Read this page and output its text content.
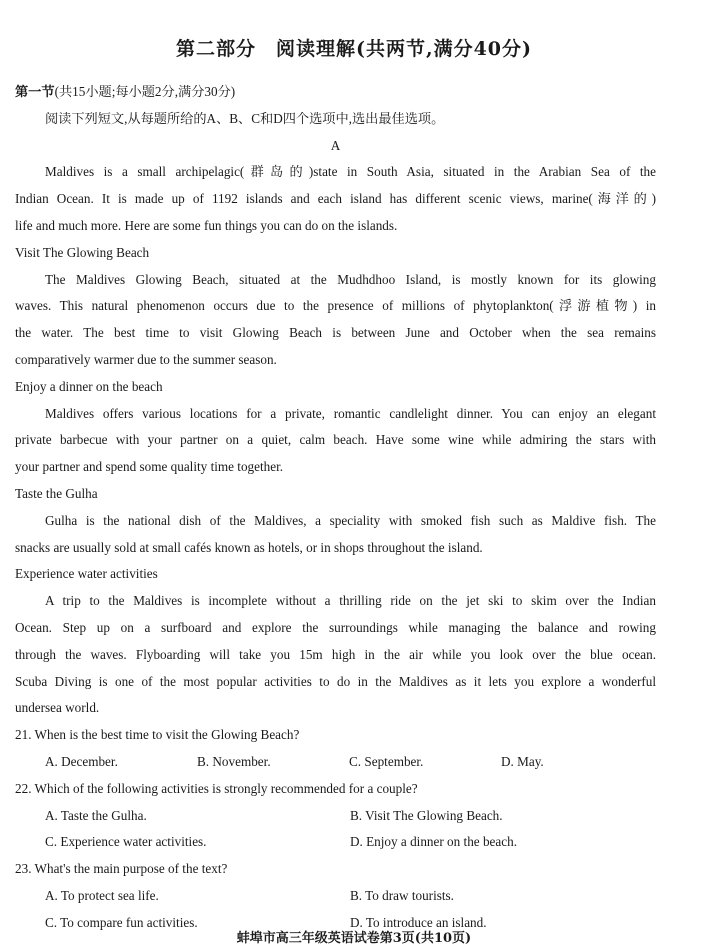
第二部分　阅读理解(共两节,满分40分)
第一节(共15小题;每小题2分,满分30分)
阅读下列短文,从每题所给的A、B、C和D四个选项中,选出最佳选项。
A
Maldives is a small archipelagic(群岛的)state in South Asia, situated in the Arabian Sea of the
Indian Ocean. It is made up of 1192 islands and each island has different scenic views, marine(海洋的)
life and much more. Here are some fun things you can do on the islands.
Visit The Glowing Beach
The Maldives Glowing Beach, situated at the Mudhdhoo Island, is mostly known for its glowing
waves. This natural phenomenon occurs due to the presence of millions of phytoplankton(浮游植物) in
the water. The best time to visit Glowing Beach is between June and October when the sea remains
comparatively warmer due to the summer season.
Enjoy a dinner on the beach
Maldives offers various locations for a private, romantic candlelight dinner. You can enjoy an elegant
private barbecue with your partner on a quiet, calm beach. Have some wine while admiring the stars with
your partner and spend some quality time together.
Taste the Gulha
Gulha is the national dish of the Maldives, a speciality with smoked fish such as Maldive fish. The
snacks are usually sold at small cafés known as hotels, or in shops throughout the island.
Experience water activities
A trip to the Maldives is incomplete without a thrilling ride on the jet ski to skim over the Indian
Ocean. Step up on a surfboard and explore the surroundings while managing the balance and rowing
through the waves. Flyboarding will take you 15m high in the air while you look over the blue ocean.
Scuba Diving is one of the most popular activities to do in the Maldives as it lets you explore a wonderful
undersea world.
21. When is the best time to visit the Glowing Beach?
A. December.	B. November.	C. September.	D. May.
22. Which of the following activities is strongly recommended for a couple?
A. Taste the Gulha.	B. Visit The Glowing Beach.
C. Experience water activities.	D. Enjoy a dinner on the beach.
23. What's the main purpose of the text?
A. To protect sea life.	B. To draw tourists.
C. To compare fun activities.	D. To introduce an island.
蚌埠市高三年级英语试卷第3页(共10页)
